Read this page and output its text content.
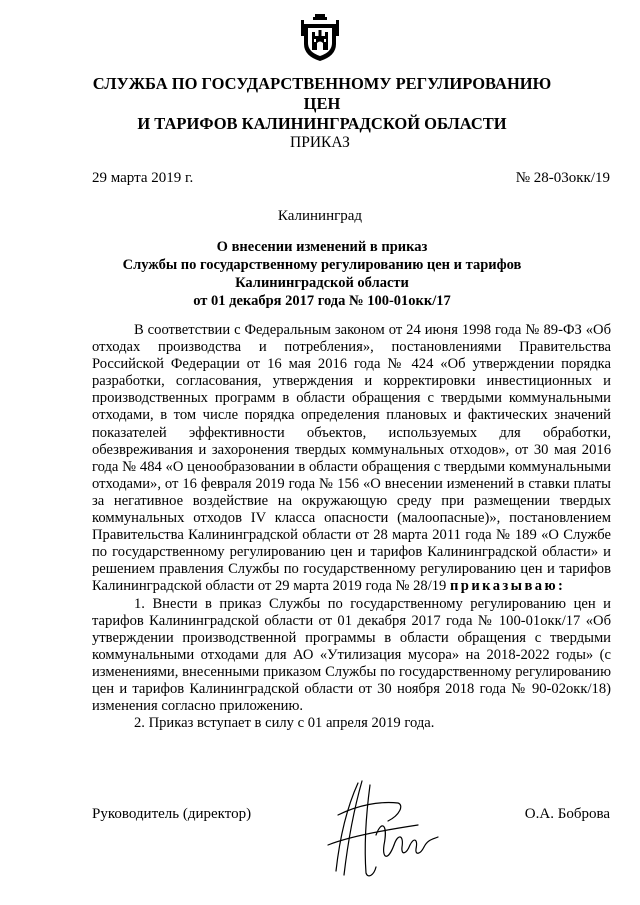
СЛУЖБА ПО ГОСУДАРСТВЕННОМУ РЕГУЛИРОВАНИЮ ЦЕН
И ТАРИФОВ КАЛИНИНГРАДСКОЙ ОБЛАСТИ
ПРИКАЗ
29 марта 2019 г.	№ 28-03окк/19
Калининград
О внесении изменений в приказ
Службы по государственному регулированию цен и тарифов
Калининградской области
от 01 декабря 2017 года № 100-01окк/17

В соответствии с Федеральным законом от 24 июня 1998 года № 89-ФЗ «Об отходах производства и потребления», постановлениями Правительства Российской Федерации от 16 мая 2016 года № 424 «Об утверждении порядка разработки, согласования, утверждения и корректировки инвестиционных и производственных программ в области обращения с твердыми коммунальными отходами, в том числе порядка определения плановых и фактических значений показателей эффективности объектов, используемых для обработки, обезвреживания и захоронения твердых коммунальных отходов», от 30 мая 2016 года № 484 «О ценообразовании в области обращения с твердыми коммунальными отходами», от 16 февраля 2019 года № 156 «О внесении изменений в ставки платы за негативное воздействие на окружающую среду при размещении твердых коммунальных отходов IV класса опасности (малоопасные)», постановлением Правительства Калининградской области от 28 марта 2011 года № 189 «О Службе по государственному регулированию цен и тарифов Калининградской области» и решением правления Службы по государственному регулированию цен и тарифов Калининградской области от 29 марта 2019 года № 28/19 приказываю:

1. Внести в приказ Службы по государственному регулированию цен и тарифов Калининградской области от 01 декабря 2017 года № 100-01окк/17 «Об утверждении производственной программы в области обращения с твердыми коммунальными отходами для АО «Утилизация мусора» на 2018-2022 годы» (с изменениями, внесенными приказом Службы по государственному регулированию цен и тарифов Калининградской области от 30 ноября 2018 года № 90-02окк/18) изменения согласно приложению.

2. Приказ вступает в силу с 01 апреля 2019 года.

Руководитель (директор)	О.А. Боброва
